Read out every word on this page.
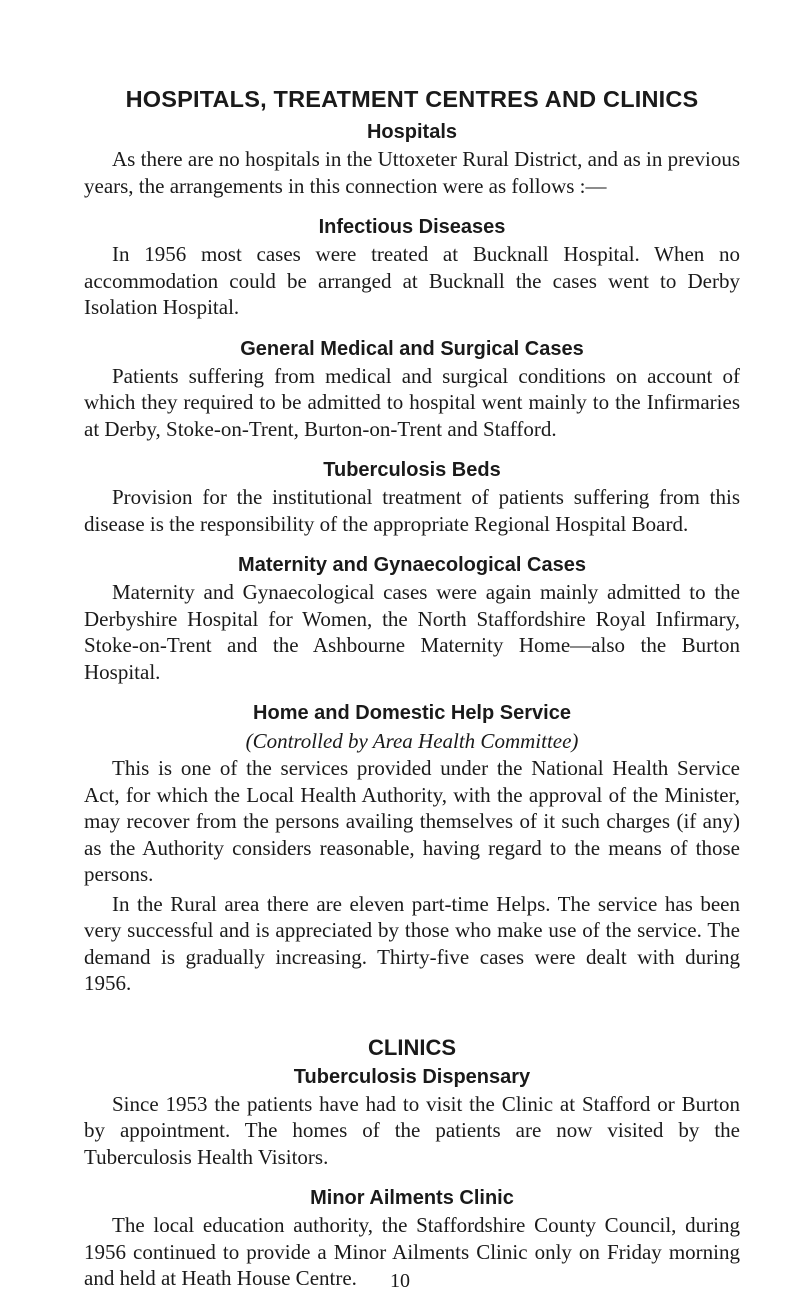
HOSPITALS, TREATMENT CENTRES AND CLINICS
Hospitals

As there are no hospitals in the Uttoxeter Rural District, and as in previous years, the arrangements in this connection were as follows :—

Infectious Diseases

In 1956 most cases were treated at Bucknall Hospital. When no accommodation could be arranged at Bucknall the cases went to Derby Isolation Hospital.

General Medical and Surgical Cases

Patients suffering from medical and surgical conditions on account of which they required to be admitted to hospital went mainly to the Infirmaries at Derby, Stoke-on-Trent, Burton-on-Trent and Stafford.

Tuberculosis Beds

Provision for the institutional treatment of patients suffering from this disease is the responsibility of the appropriate Regional Hospital Board.

Maternity and Gynaecological Cases

Maternity and Gynaecological cases were again mainly admitted to the Derbyshire Hospital for Women, the North Staffordshire Royal Infirmary, Stoke-on-Trent and the Ashbourne Maternity Home—also the Burton Hospital.

Home and Domestic Help Service
(Controlled by Area Health Committee)

This is one of the services provided under the National Health Service Act, for which the Local Health Authority, with the approval of the Minister, may recover from the persons availing themselves of it such charges (if any) as the Authority considers reasonable, having regard to the means of those persons.

In the Rural area there are eleven part-time Helps. The service has been very successful and is appreciated by those who make use of the service. The demand is gradually increasing. Thirty-five cases were dealt with during 1956.

CLINICS
Tuberculosis Dispensary

Since 1953 the patients have had to visit the Clinic at Stafford or Burton by appointment. The homes of the patients are now visited by the Tuberculosis Health Visitors.

Minor Ailments Clinic

The local education authority, the Staffordshire County Council, during 1956 continued to provide a Minor Ailments Clinic only on Friday morning and held at Heath House Centre.	10
